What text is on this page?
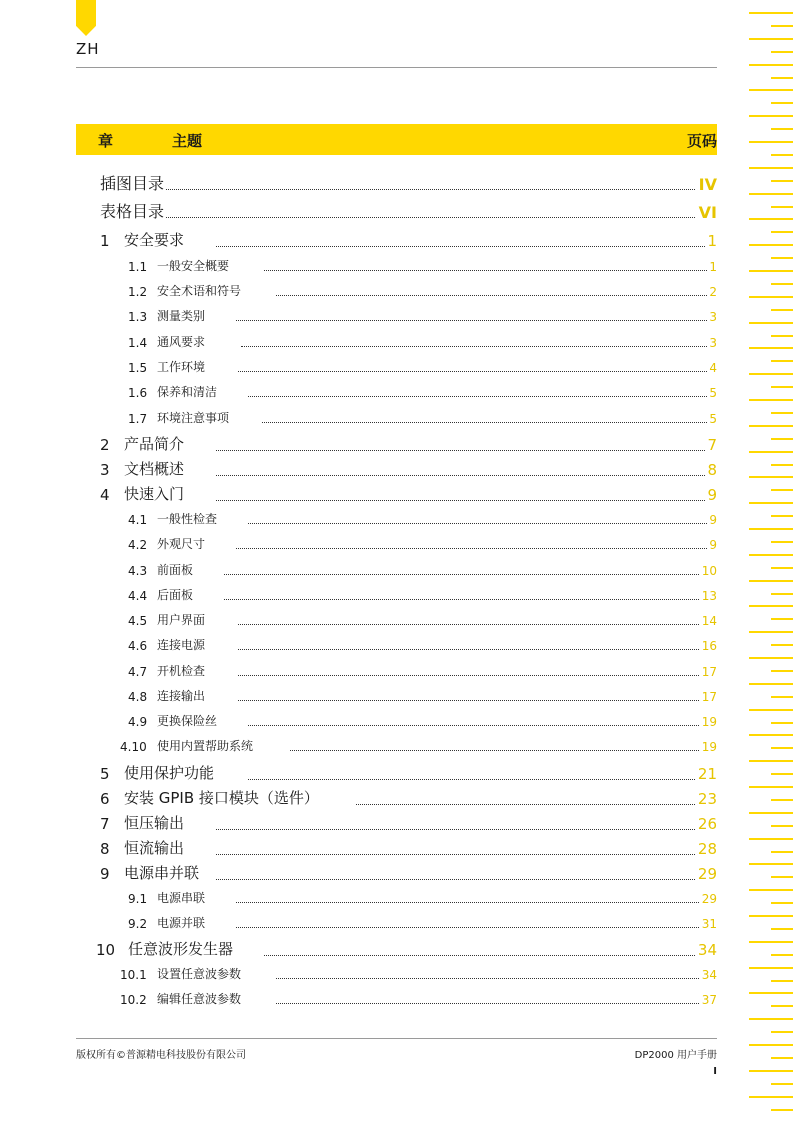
ZH
章	主题	页码
插图目录	IV
表格目录	VI
1 安全要求	1
1.1 一般安全概要	1
1.2 安全术语和符号	2
1.3 测量类别	3
1.4 通风要求	3
1.5 工作环境	4
1.6 保养和清洁	5
1.7 环境注意事项	5
2 产品简介	7
3 文档概述	8
4 快速入门	9
4.1 一般性检查	9
4.2 外观尺寸	9
4.3 前面板	10
4.4 后面板	13
4.5 用户界面	14
4.6 连接电源	16
4.7 开机检查	17
4.8 连接输出	17
4.9 更换保险丝	19
4.10 使用内置帮助系统	19
5 使用保护功能	21
6 安装 GPIB 接口模块（选件）	23
7 恒压输出	26
8 恒流输出	28
9 电源串并联	29
9.1 电源串联	29
9.2 电源并联	31
10 任意波形发生器	34
10.1 设置任意波参数	34
10.2 编辑任意波参数	37
版权所有©普源精电科技股份有限公司	DP2000 用户手册
I
